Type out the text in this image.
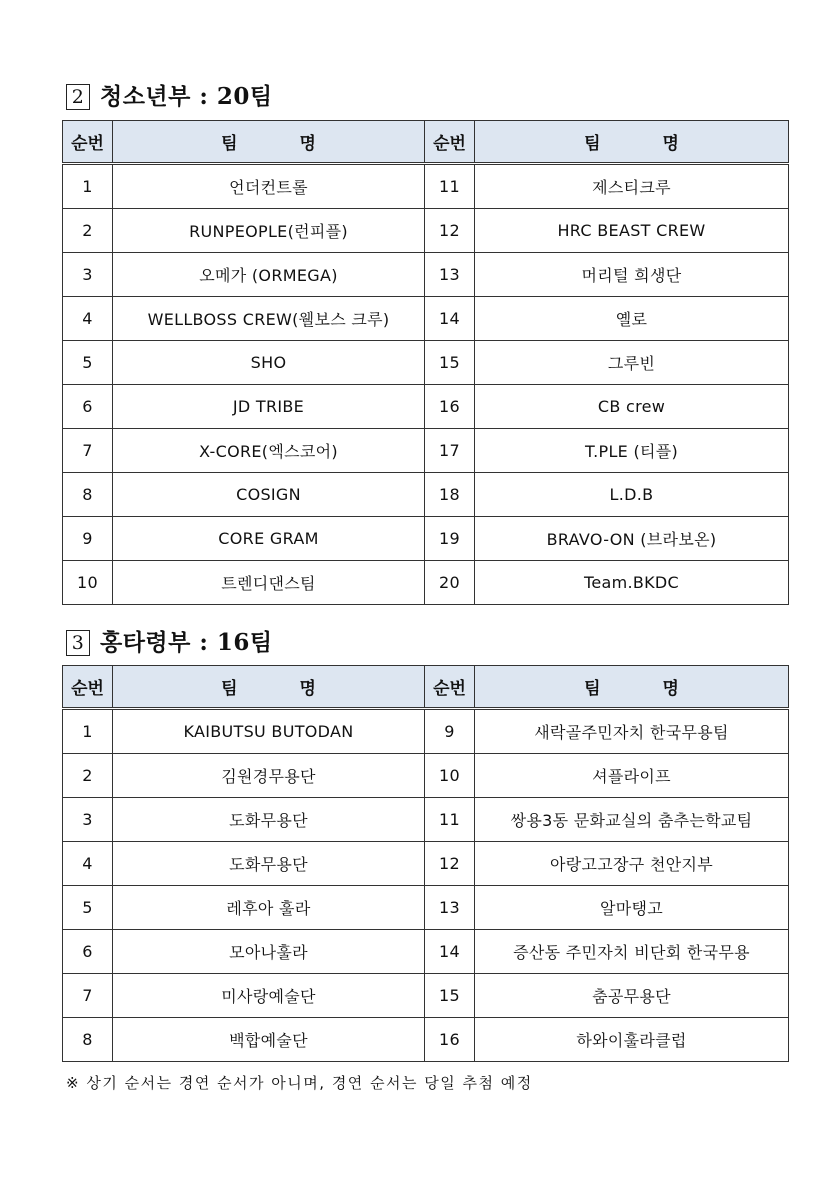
2 청소년부 : 20팀
순번	팀 명	순번	팀 명
1	언더컨트롤	11	제스티크루
2	RUNPEOPLE(런피플)	12	HRC BEAST CREW
3	오메가 (ORMEGA)	13	머리털 희생단
4	WELLBOSS CREW(웰보스 크루)	14	옐로
5	SHO	15	그루빈
6	JD TRIBE	16	CB crew
7	X-CORE(엑스코어)	17	T.PLE (티플)
8	COSIGN	18	L.D.B
9	CORE GRAM	19	BRAVO-ON (브라보온)
10	트렌디댄스팀	20	Team.BKDC
3 홍타령부 : 16팀
순번	팀 명	순번	팀 명
1	KAIBUTSU BUTODAN	9	새락골주민자치 한국무용팀
2	김원경무용단	10	셔플라이프
3	도화무용단	11	쌍용3동 문화교실의 춤추는학교팀
4	도화무용단	12	아랑고고장구 천안지부
5	레후아 훌라	13	알마탱고
6	모아나훌라	14	증산동 주민자치 비단회 한국무용
7	미사랑예술단	15	춤공무용단
8	백합예술단	16	하와이훌라클럽
※ 상기 순서는 경연 순서가 아니며, 경연 순서는 당일 추첨 예정
